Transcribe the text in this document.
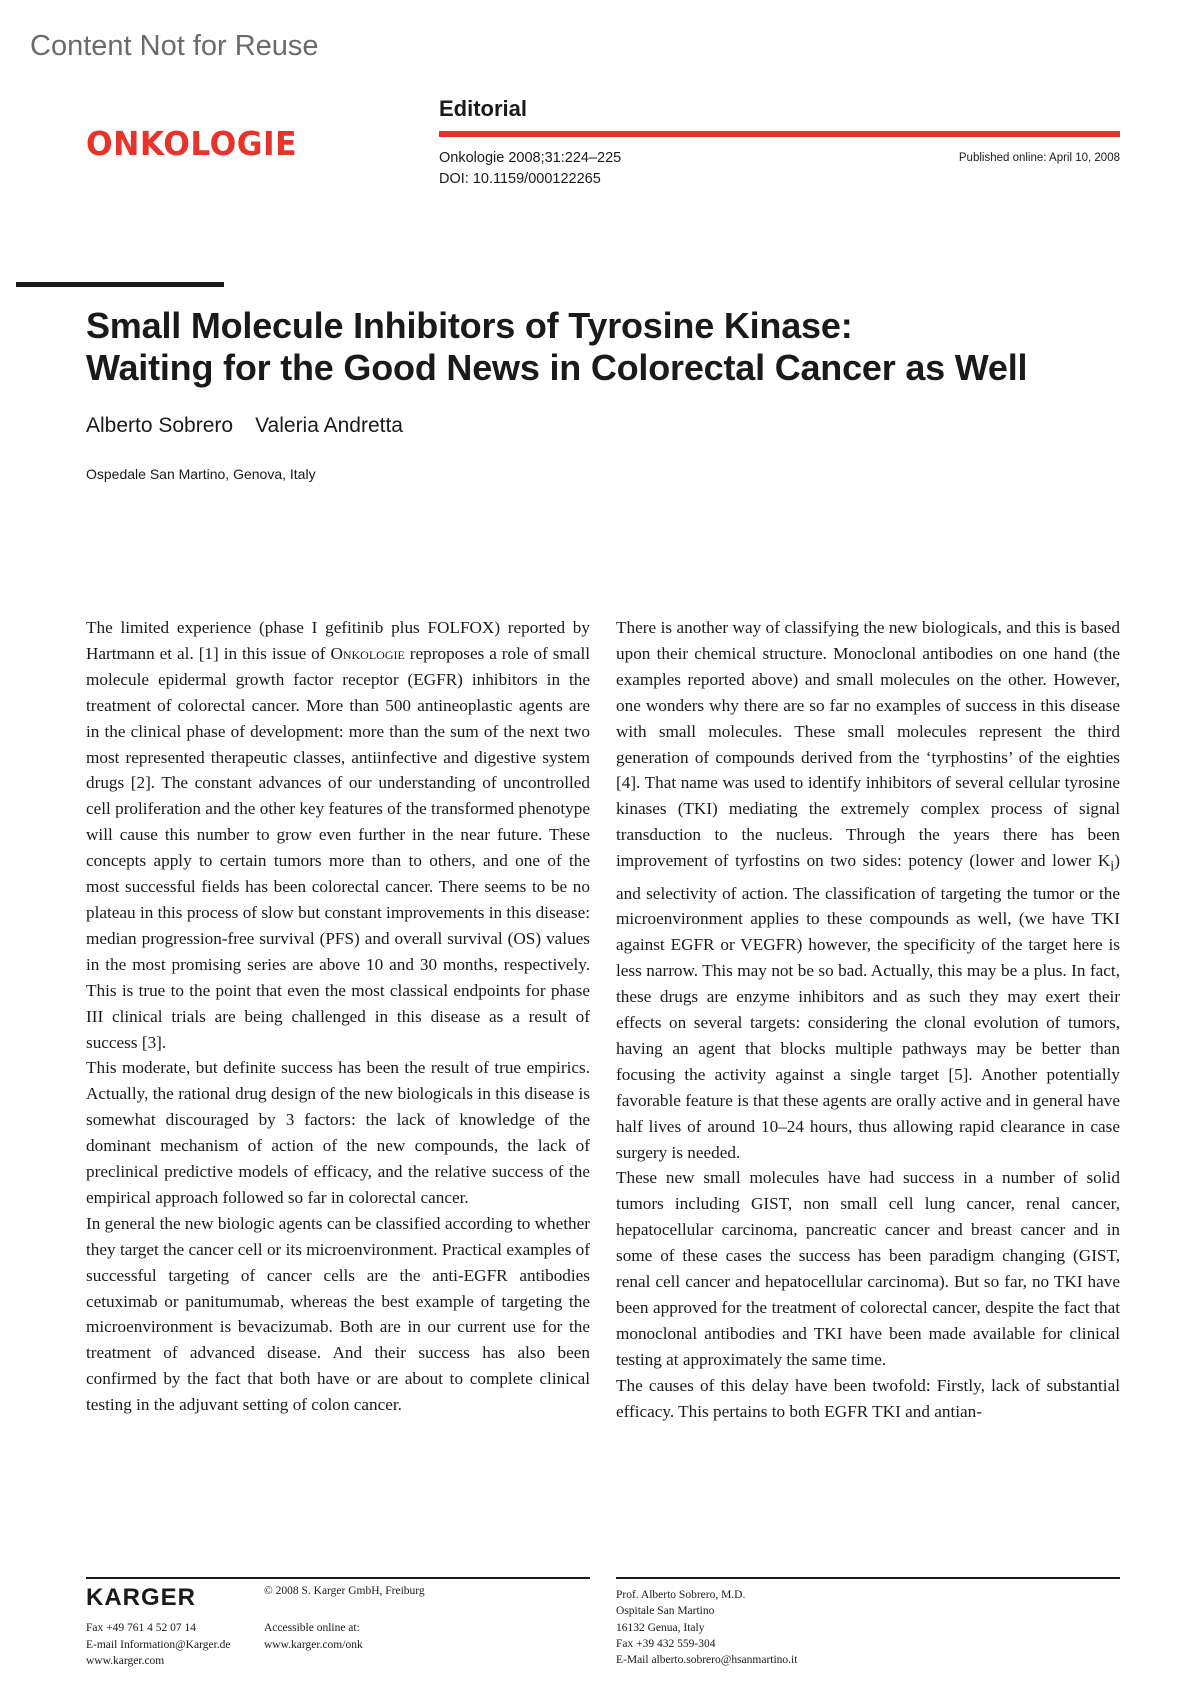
Content Not for Reuse
ONKOLOGIE
Editorial
Onkologie 2008;31:224–225
DOI: 10.1159/000122265
Published online: April 10, 2008
Small Molecule Inhibitors of Tyrosine Kinase:
Waiting for the Good News in Colorectal Cancer as Well
Alberto Sobrero Valeria Andretta
Ospedale San Martino, Genova, Italy

The limited experience (phase I gefitinib plus FOLFOX) reported by Hartmann et al. [1] in this issue of Onkologie reproposes a role of small molecule epidermal growth factor receptor (EGFR) inhibitors in the treatment of colorectal cancer. More than 500 antineoplastic agents are in the clinical phase of development: more than the sum of the next two most represented therapeutic classes, antiinfective and digestive system drugs [2]. The constant advances of our understanding of uncontrolled cell proliferation and the other key features of the transformed phenotype will cause this number to grow even further in the near future. These concepts apply to certain tumors more than to others, and one of the most successful fields has been colorectal cancer. There seems to be no plateau in this process of slow but constant improvements in this disease: median progression-free survival (PFS) and overall survival (OS) values in the most promising series are above 10 and 30 months, respectively. This is true to the point that even the most classical endpoints for phase III clinical trials are being challenged in this disease as a result of success [3].

This moderate, but definite success has been the result of true empirics. Actually, the rational drug design of the new biologicals in this disease is somewhat discouraged by 3 factors: the lack of knowledge of the dominant mechanism of action of the new compounds, the lack of preclinical predictive models of efficacy, and the relative success of the empirical approach followed so far in colorectal cancer.

In general the new biologic agents can be classified according to whether they target the cancer cell or its microenvironment. Practical examples of successful targeting of cancer cells are the anti-EGFR antibodies cetuximab or panitumumab, whereas the best example of targeting the microenvironment is bevacizumab. Both are in our current use for the treatment of advanced disease. And their success has also been confirmed by the fact that both have or are about to complete clinical testing in the adjuvant setting of colon cancer.

There is another way of classifying the new biologicals, and this is based upon their chemical structure. Monoclonal antibodies on one hand (the examples reported above) and small molecules on the other. However, one wonders why there are so far no examples of success in this disease with small molecules. These small molecules represent the third generation of compounds derived from the ‘tyrphostins’ of the eighties [4]. That name was used to identify inhibitors of several cellular tyrosine kinases (TKI) mediating the extremely complex process of signal transduction to the nucleus. Through the years there has been improvement of tyrfostins on two sides: potency (lower and lower $K_i$) and selectivity of action. The classification of targeting the tumor or the microenvironment applies to these compounds as well, (we have TKI against EGFR or VEGFR) however, the specificity of the target here is less narrow. This may not be so bad. Actually, this may be a plus. In fact, these drugs are enzyme inhibitors and as such they may exert their effects on several targets: considering the clonal evolution of tumors, having an agent that blocks multiple pathways may be better than focusing the activity against a single target [5]. Another potentially favorable feature is that these agents are orally active and in general have half lives of around 10–24 hours, thus allowing rapid clearance in case surgery is needed.

These new small molecules have had success in a number of solid tumors including GIST, non small cell lung cancer, renal cancer, hepatocellular carcinoma, pancreatic cancer and breast cancer and in some of these cases the success has been paradigm changing (GIST, renal cell cancer and hepatocellular carcinoma). But so far, no TKI have been approved for the treatment of colorectal cancer, despite the fact that monoclonal antibodies and TKI have been made available for clinical testing at approximately the same time.

The causes of this delay have been twofold: Firstly, lack of substantial efficacy. This pertains to both EGFR TKI and antian-

KARGER	© 2008 S. Karger GmbH, Freiburg
Fax +49 761 4 52 07 14
E-mail Information@Karger.de
www.karger.com
Accessible online at:
www.karger.com/onk
Prof. Alberto Sobrero, M.D.
Ospitale San Martino
16132 Genua, Italy
Fax +39 432 559-304
E-Mail alberto.sobrero@hsanmartino.it
